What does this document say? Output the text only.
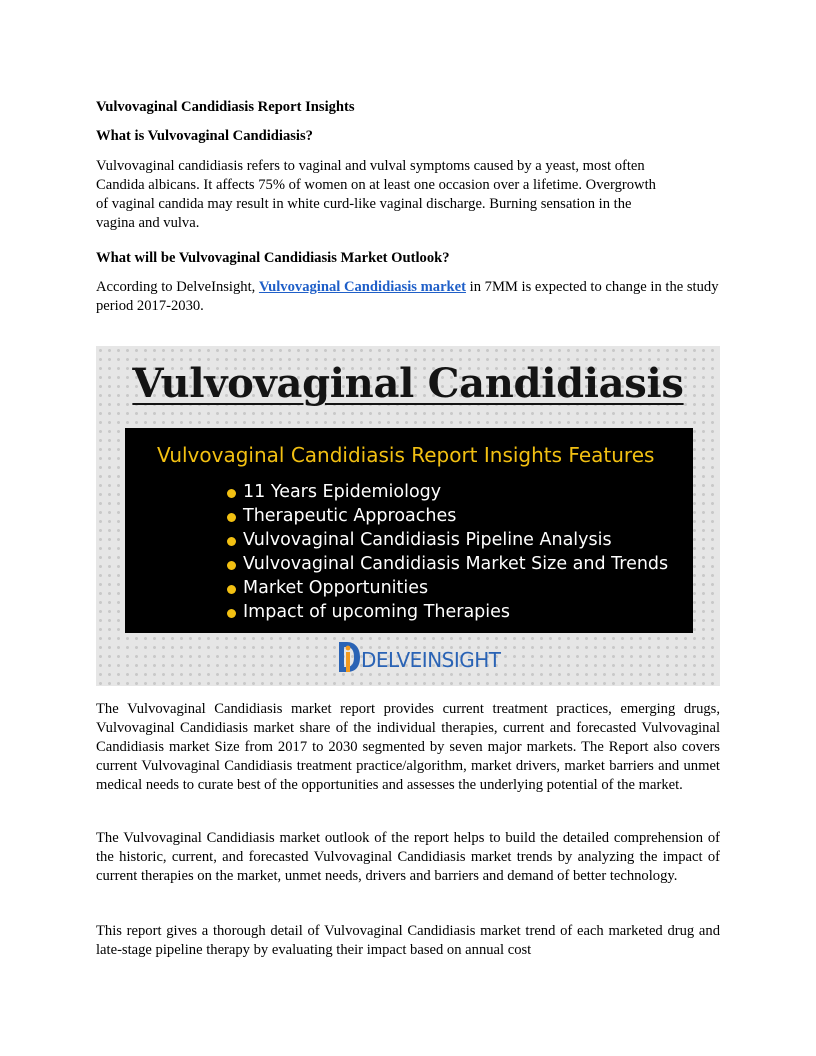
Vulvovaginal Candidiasis Report Insights
What is Vulvovaginal Candidiasis?

Vulvovaginal candidiasis refers to vaginal and vulval symptoms caused by a yeast, most often Candida albicans. It affects 75% of women on at least one occasion over a lifetime. Overgrowth of vaginal candida may result in white curd-like vaginal discharge. Burning sensation in the vagina and vulva.

What will be Vulvovaginal Candidiasis Market Outlook?

According to DelveInsight, Vulvovaginal Candidiasis market in 7MM is expected to change in the study period 2017-2030.

Vulvovaginal Candidiasis
Vulvovaginal Candidiasis Report Insights Features
11 Years Epidemiology
Therapeutic Approaches
Vulvovaginal Candidiasis Pipeline Analysis
Vulvovaginal Candidiasis Market Size and Trends
Market Opportunities
Impact of upcoming Therapies
DELVEINSIGHT

The Vulvovaginal Candidiasis market report provides current treatment practices, emerging drugs, Vulvovaginal Candidiasis market share of the individual therapies, current and forecasted Vulvovaginal Candidiasis market Size from 2017 to 2030 segmented by seven major markets. The Report also covers current Vulvovaginal Candidiasis treatment practice/algorithm, market drivers, market barriers and unmet medical needs to curate best of the opportunities and assesses the underlying potential of the market.

The Vulvovaginal Candidiasis market outlook of the report helps to build the detailed comprehension of the historic, current, and forecasted Vulvovaginal Candidiasis market trends by analyzing the impact of current therapies on the market, unmet needs, drivers and barriers and demand of better technology.

This report gives a thorough detail of Vulvovaginal Candidiasis market trend of each marketed drug and late-stage pipeline therapy by evaluating their impact based on annual cost
